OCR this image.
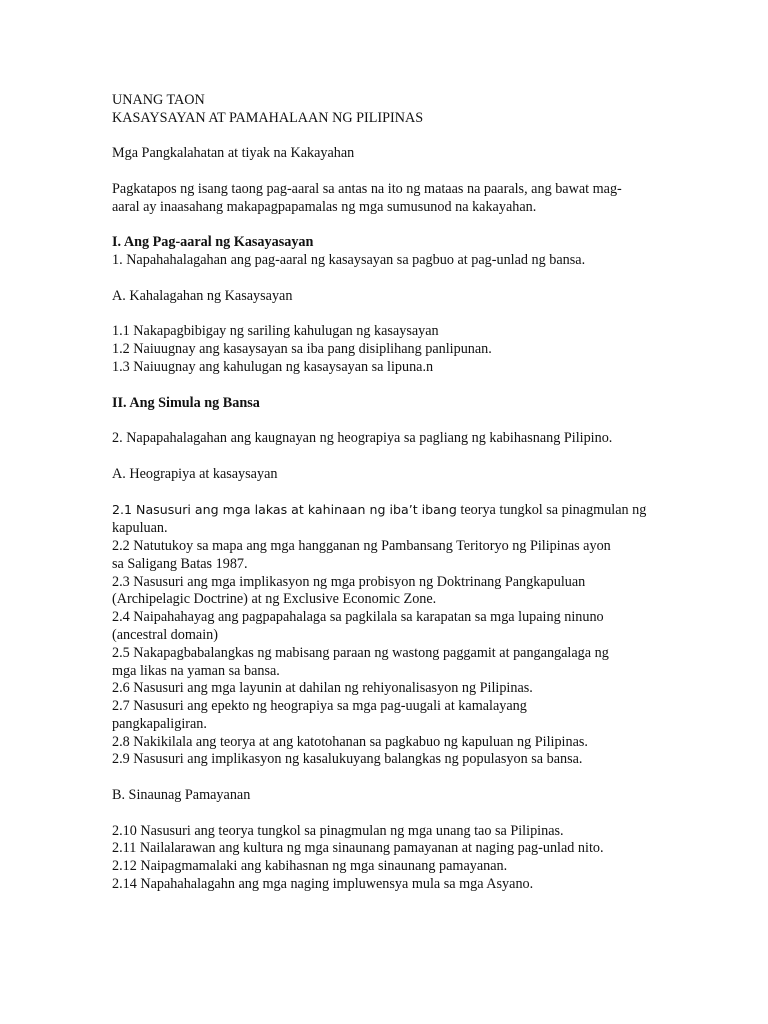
UNANG TAON
KASAYSAYAN AT PAMAHALAAN NG PILIPINAS
Mga Pangkalahatan at tiyak na Kakayahan
Pagkatapos ng isang taong pag-aaral sa antas na ito ng mataas na paarals, ang bawat mag-
aaral ay inaasahang makapagpapamalas ng mga sumusunod na kakayahan.
I. Ang Pag-aaral ng Kasayasayan
1. Napahahalagahan ang pag-aaral ng kasaysayan sa pagbuo at pag-unlad ng bansa.
A. Kahalagahan ng Kasaysayan
1.1 Nakapagbibigay ng sariling kahulugan ng kasaysayan
1.2 Naiuugnay ang kasaysayan sa iba pang disiplihang panlipunan.
1.3 Naiuugnay ang kahulugan ng kasaysayan sa lipuna.n
II. Ang Simula ng Bansa
2. Napapahalagahan ang kaugnayan ng heograpiya sa pagliang ng kabihasnang Pilipino.
A. Heograpiya at kasaysayan
2.1 Nasusuri ang mga lakas at kahinaan ng iba’t ibang teorya tungkol sa pinagmulan ng
kapuluan.
2.2 Natutukoy sa mapa ang mga hangganan ng Pambansang Teritoryo ng Pilipinas ayon
sa Saligang Batas 1987.
2.3 Nasusuri ang mga implikasyon ng mga probisyon ng Doktrinang Pangkapuluan
(Archipelagic Doctrine) at ng Exclusive Economic Zone.
2.4 Naipahahayag ang pagpapahalaga sa pagkilala sa karapatan sa mga lupaing ninuno
(ancestral domain)
2.5 Nakapagbabalangkas ng mabisang paraan ng wastong paggamit at pangangalaga ng
mga likas na yaman sa bansa.
2.6 Nasusuri ang mga layunin at dahilan ng rehiyonalisasyon ng Pilipinas.
2.7 Nasusuri ang epekto ng heograpiya sa mga pag-uugali at kamalayang
pangkapaligiran.
2.8 Nakikilala ang teorya at ang katotohanan sa pagkabuo ng kapuluan ng Pilipinas.
2.9 Nasusuri ang implikasyon ng kasalukuyang balangkas ng populasyon sa bansa.
B. Sinaunag Pamayanan
2.10 Nasusuri ang teorya tungkol sa pinagmulan ng mga unang tao sa Pilipinas.
2.11 Nailalarawan ang kultura ng mga sinaunang pamayanan at naging pag-unlad nito.
2.12 Naipagmamalaki ang kabihasnan ng mga sinaunang pamayanan.
2.14 Napahahalagahn ang mga naging impluwensya mula sa mga Asyano.
